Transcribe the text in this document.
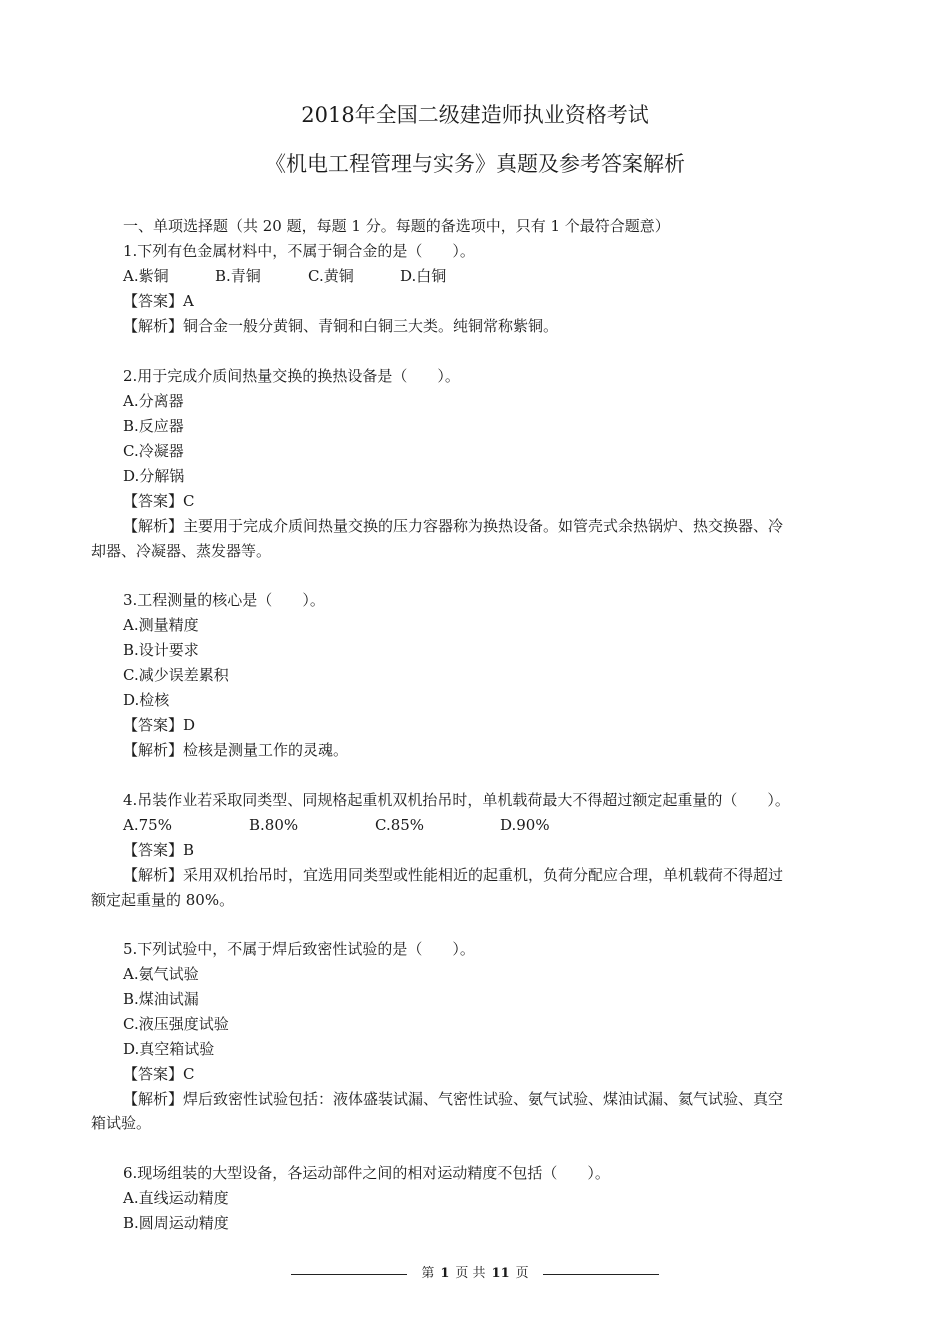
2018年全国二级建造师执业资格考试
《机电工程管理与实务》真题及参考答案解析
一、单项选择题（共 20 题，每题 1 分。每题的备选项中，只有 1 个最符合题意）
1.下列有色金属材料中，不属于铜合金的是（　　）。
A.紫铜	B.青铜	C.黄铜	D.白铜
【答案】A
【解析】铜合金一般分黄铜、青铜和白铜三大类。纯铜常称紫铜。
2.用于完成介质间热量交换的换热设备是（　　）。
A.分离器
B.反应器
C.冷凝器
D.分解锅
【答案】C
【解析】主要用于完成介质间热量交换的压力容器称为换热设备。如管壳式余热锅炉、热交换器、冷
却器、冷凝器、蒸发器等。
3.工程测量的核心是（　　）。
A.测量精度
B.设计要求
C.减少误差累积
D.检核
【答案】D
【解析】检核是测量工作的灵魂。
4.吊装作业若采取同类型、同规格起重机双机抬吊时，单机载荷最大不得超过额定起重量的（　　）。
A.75%	B.80%	C.85%	D.90%
【答案】B
【解析】采用双机抬吊时，宜选用同类型或性能相近的起重机，负荷分配应合理，单机载荷不得超过
额定起重量的 80%。
5.下列试验中，不属于焊后致密性试验的是（　　）。
A.氨气试验
B.煤油试漏
C.液压强度试验
D.真空箱试验
【答案】C
【解析】焊后致密性试验包括：液体盛装试漏、气密性试验、氨气试验、煤油试漏、氦气试验、真空
箱试验。
6.现场组装的大型设备，各运动部件之间的相对运动精度不包括（　　）。
A.直线运动精度
B.圆周运动精度
第 1 页 共 11 页
